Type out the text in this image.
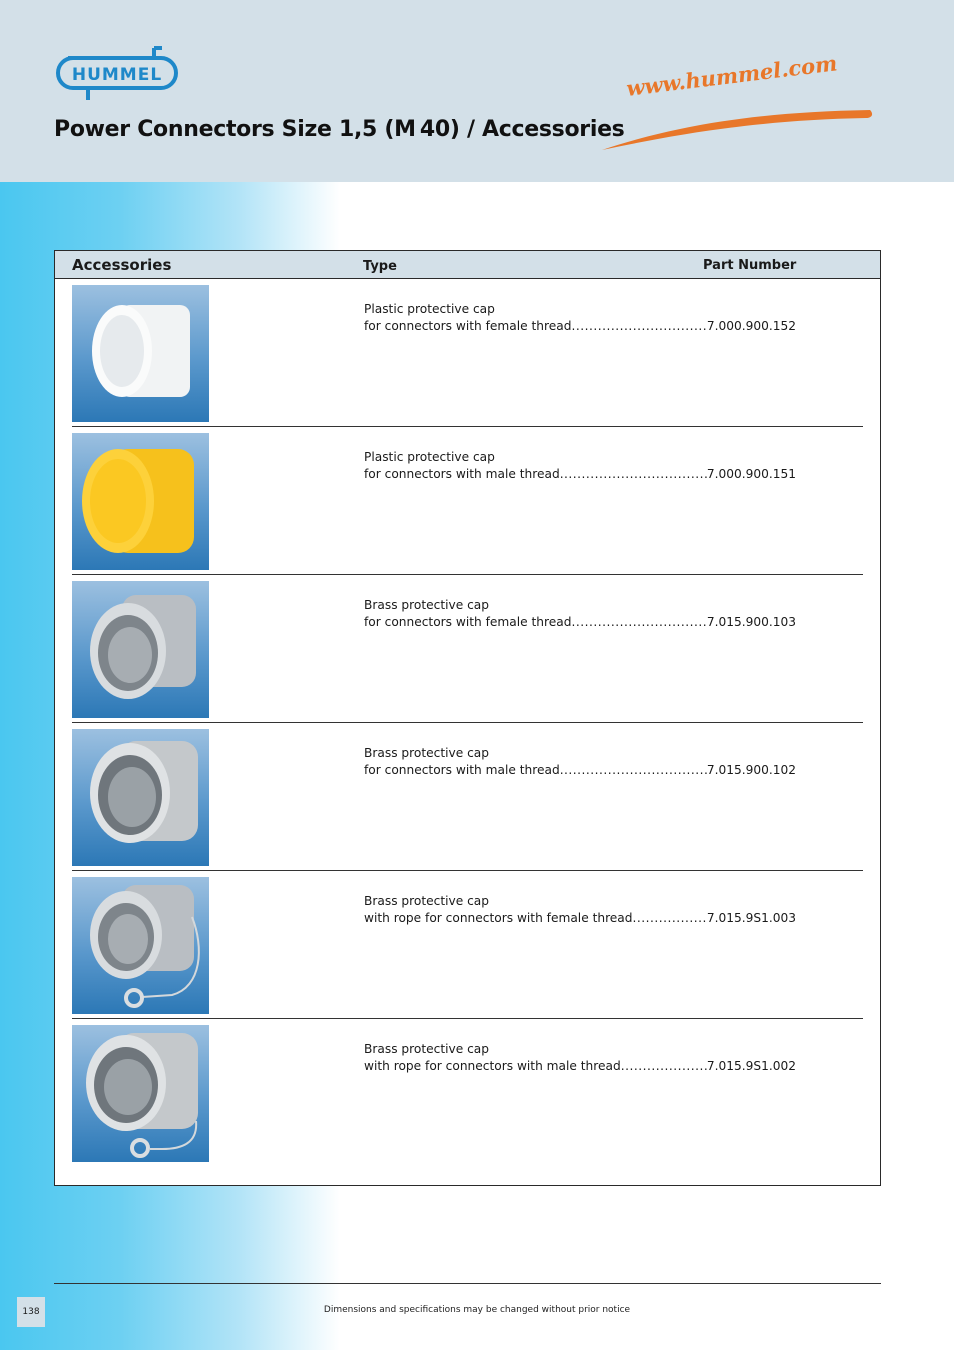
HUMMEL
Power Connectors Size 1,5 (M 40) / Accessories
www.hummel.com
Accessories	Type	Part Number
Plastic protective cap
for connectors with female thread .....	7.000.900.152
Plastic protective cap
for connectors with male thread .....	7.000.900.151
Brass protective cap
for connectors with female thread .....	7.015.900.103
Brass protective cap
for connectors with male thread .....	7.015.900.102
Brass protective cap
with rope for connectors with female thread .....	7.015.9S1.003
Brass protective cap
with rope for connectors with male thread .....	7.015.9S1.002
138	Dimensions and specifications may be changed without prior notice
